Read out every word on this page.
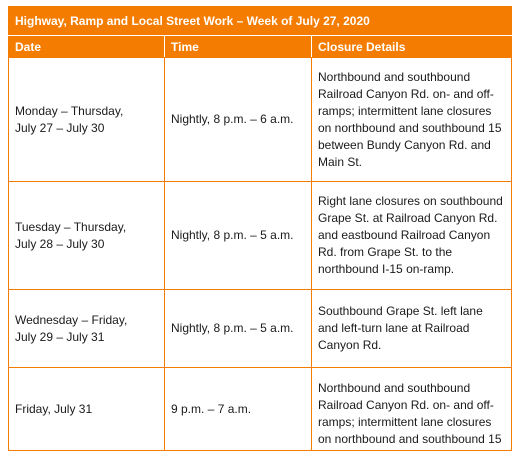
Highway, Ramp and Local Street Work – Week of July 27, 2020		
Date	Time	Closure Details
Monday – Thursday,
July 27 – July 30	Nightly, 8 p.m. – 6 a.m.	Northbound and southbound Railroad Canyon Rd. on- and off-ramps; intermittent lane closures on northbound and southbound 15 between Bundy Canyon Rd. and Main St.
Tuesday – Thursday,
July 28 – July 30	Nightly, 8 p.m. – 5 a.m.	Right lane closures on southbound Grape St. at Railroad Canyon Rd. and eastbound Railroad Canyon Rd. from Grape St. to the northbound I-15 on-ramp.
Wednesday – Friday,
July 29 – July 31	Nightly, 8 p.m. – 5 a.m.	Southbound Grape St. left lane and left-turn lane at Railroad Canyon Rd.
Friday, July 31	9 p.m. – 7 a.m.	Northbound and southbound Railroad Canyon Rd. on- and off-ramps; intermittent lane closures on northbound and southbound 15
